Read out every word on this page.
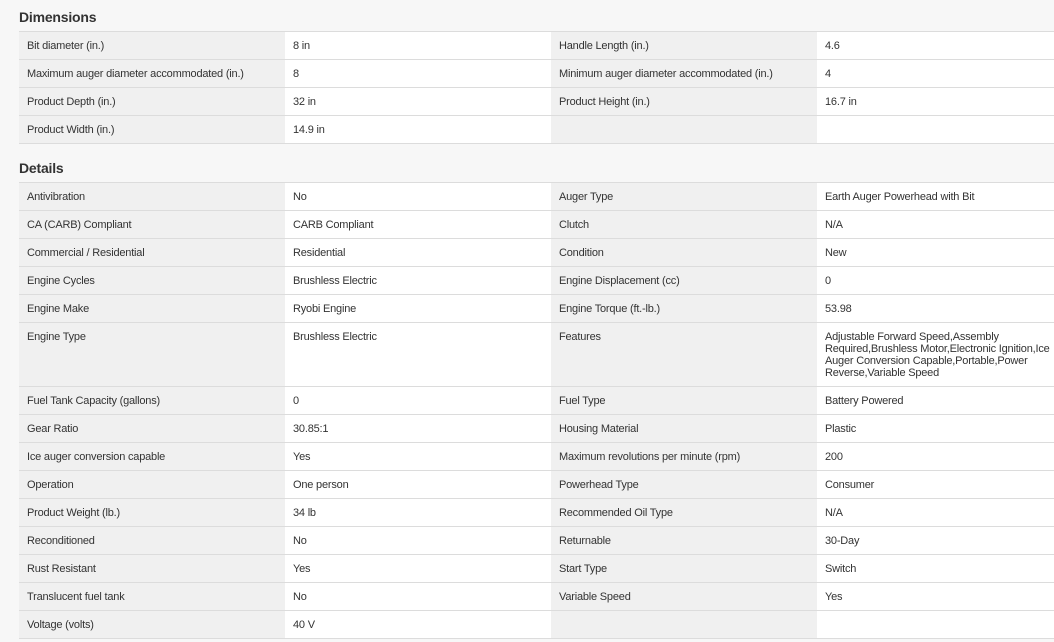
Dimensions
Bit diameter (in.)	8 in	Handle Length (in.)	4.6
Maximum auger diameter accommodated (in.)	8	Minimum auger diameter accommodated (in.)	4
Product Depth (in.)	32 in	Product Height (in.)	16.7 in
Product Width (in.)	14.9 in		
Details
Antivibration	No	Auger Type	Earth Auger Powerhead with Bit
CA (CARB) Compliant	CARB Compliant	Clutch	N/A
Commercial / Residential	Residential	Condition	New
Engine Cycles	Brushless Electric	Engine Displacement (cc)	0
Engine Make	Ryobi Engine	Engine Torque (ft.-lb.)	53.98
Engine Type	Brushless Electric	Features	Adjustable Forward Speed,Assembly Required,Brushless Motor,Electronic Ignition,Ice Auger Conversion Capable,Portable,Power Reverse,Variable Speed
Fuel Tank Capacity (gallons)	0	Fuel Type	Battery Powered
Gear Ratio	30.85:1	Housing Material	Plastic
Ice auger conversion capable	Yes	Maximum revolutions per minute (rpm)	200
Operation	One person	Powerhead Type	Consumer
Product Weight (lb.)	34 lb	Recommended Oil Type	N/A
Reconditioned	No	Returnable	30-Day
Rust Resistant	Yes	Start Type	Switch
Translucent fuel tank	No	Variable Speed	Yes
Voltage (volts)	40 V		
